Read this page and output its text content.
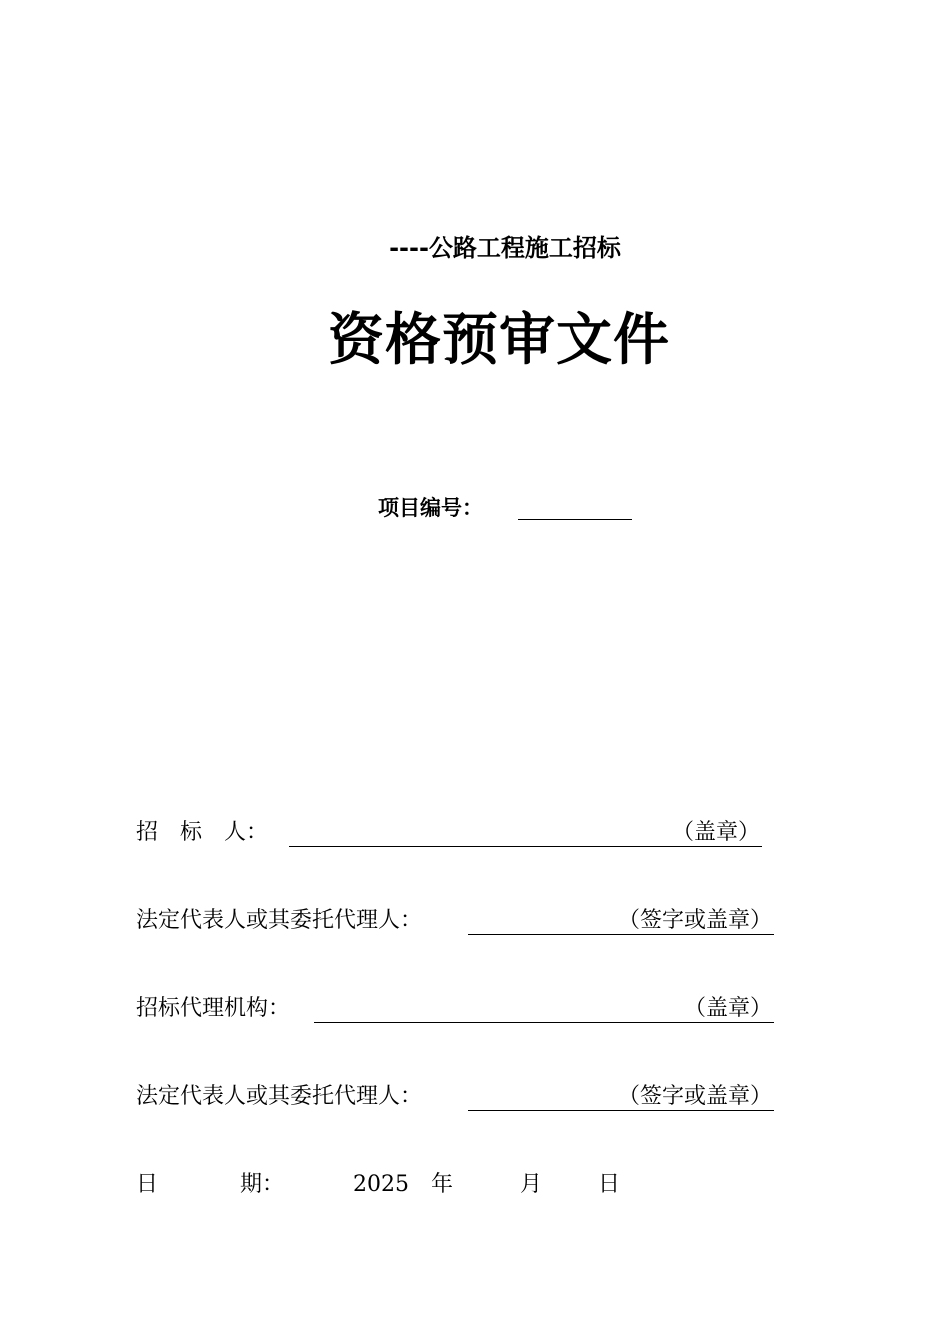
----公路工程施工招标
资格预审文件
项目编号：
招　标　人：	（盖章）
法定代表人或其委托代理人：	（签字或盖章）
招标代理机构：	（盖章）
法定代表人或其委托代理人：	（签字或盖章）
日	期：	2025 年	月	日
